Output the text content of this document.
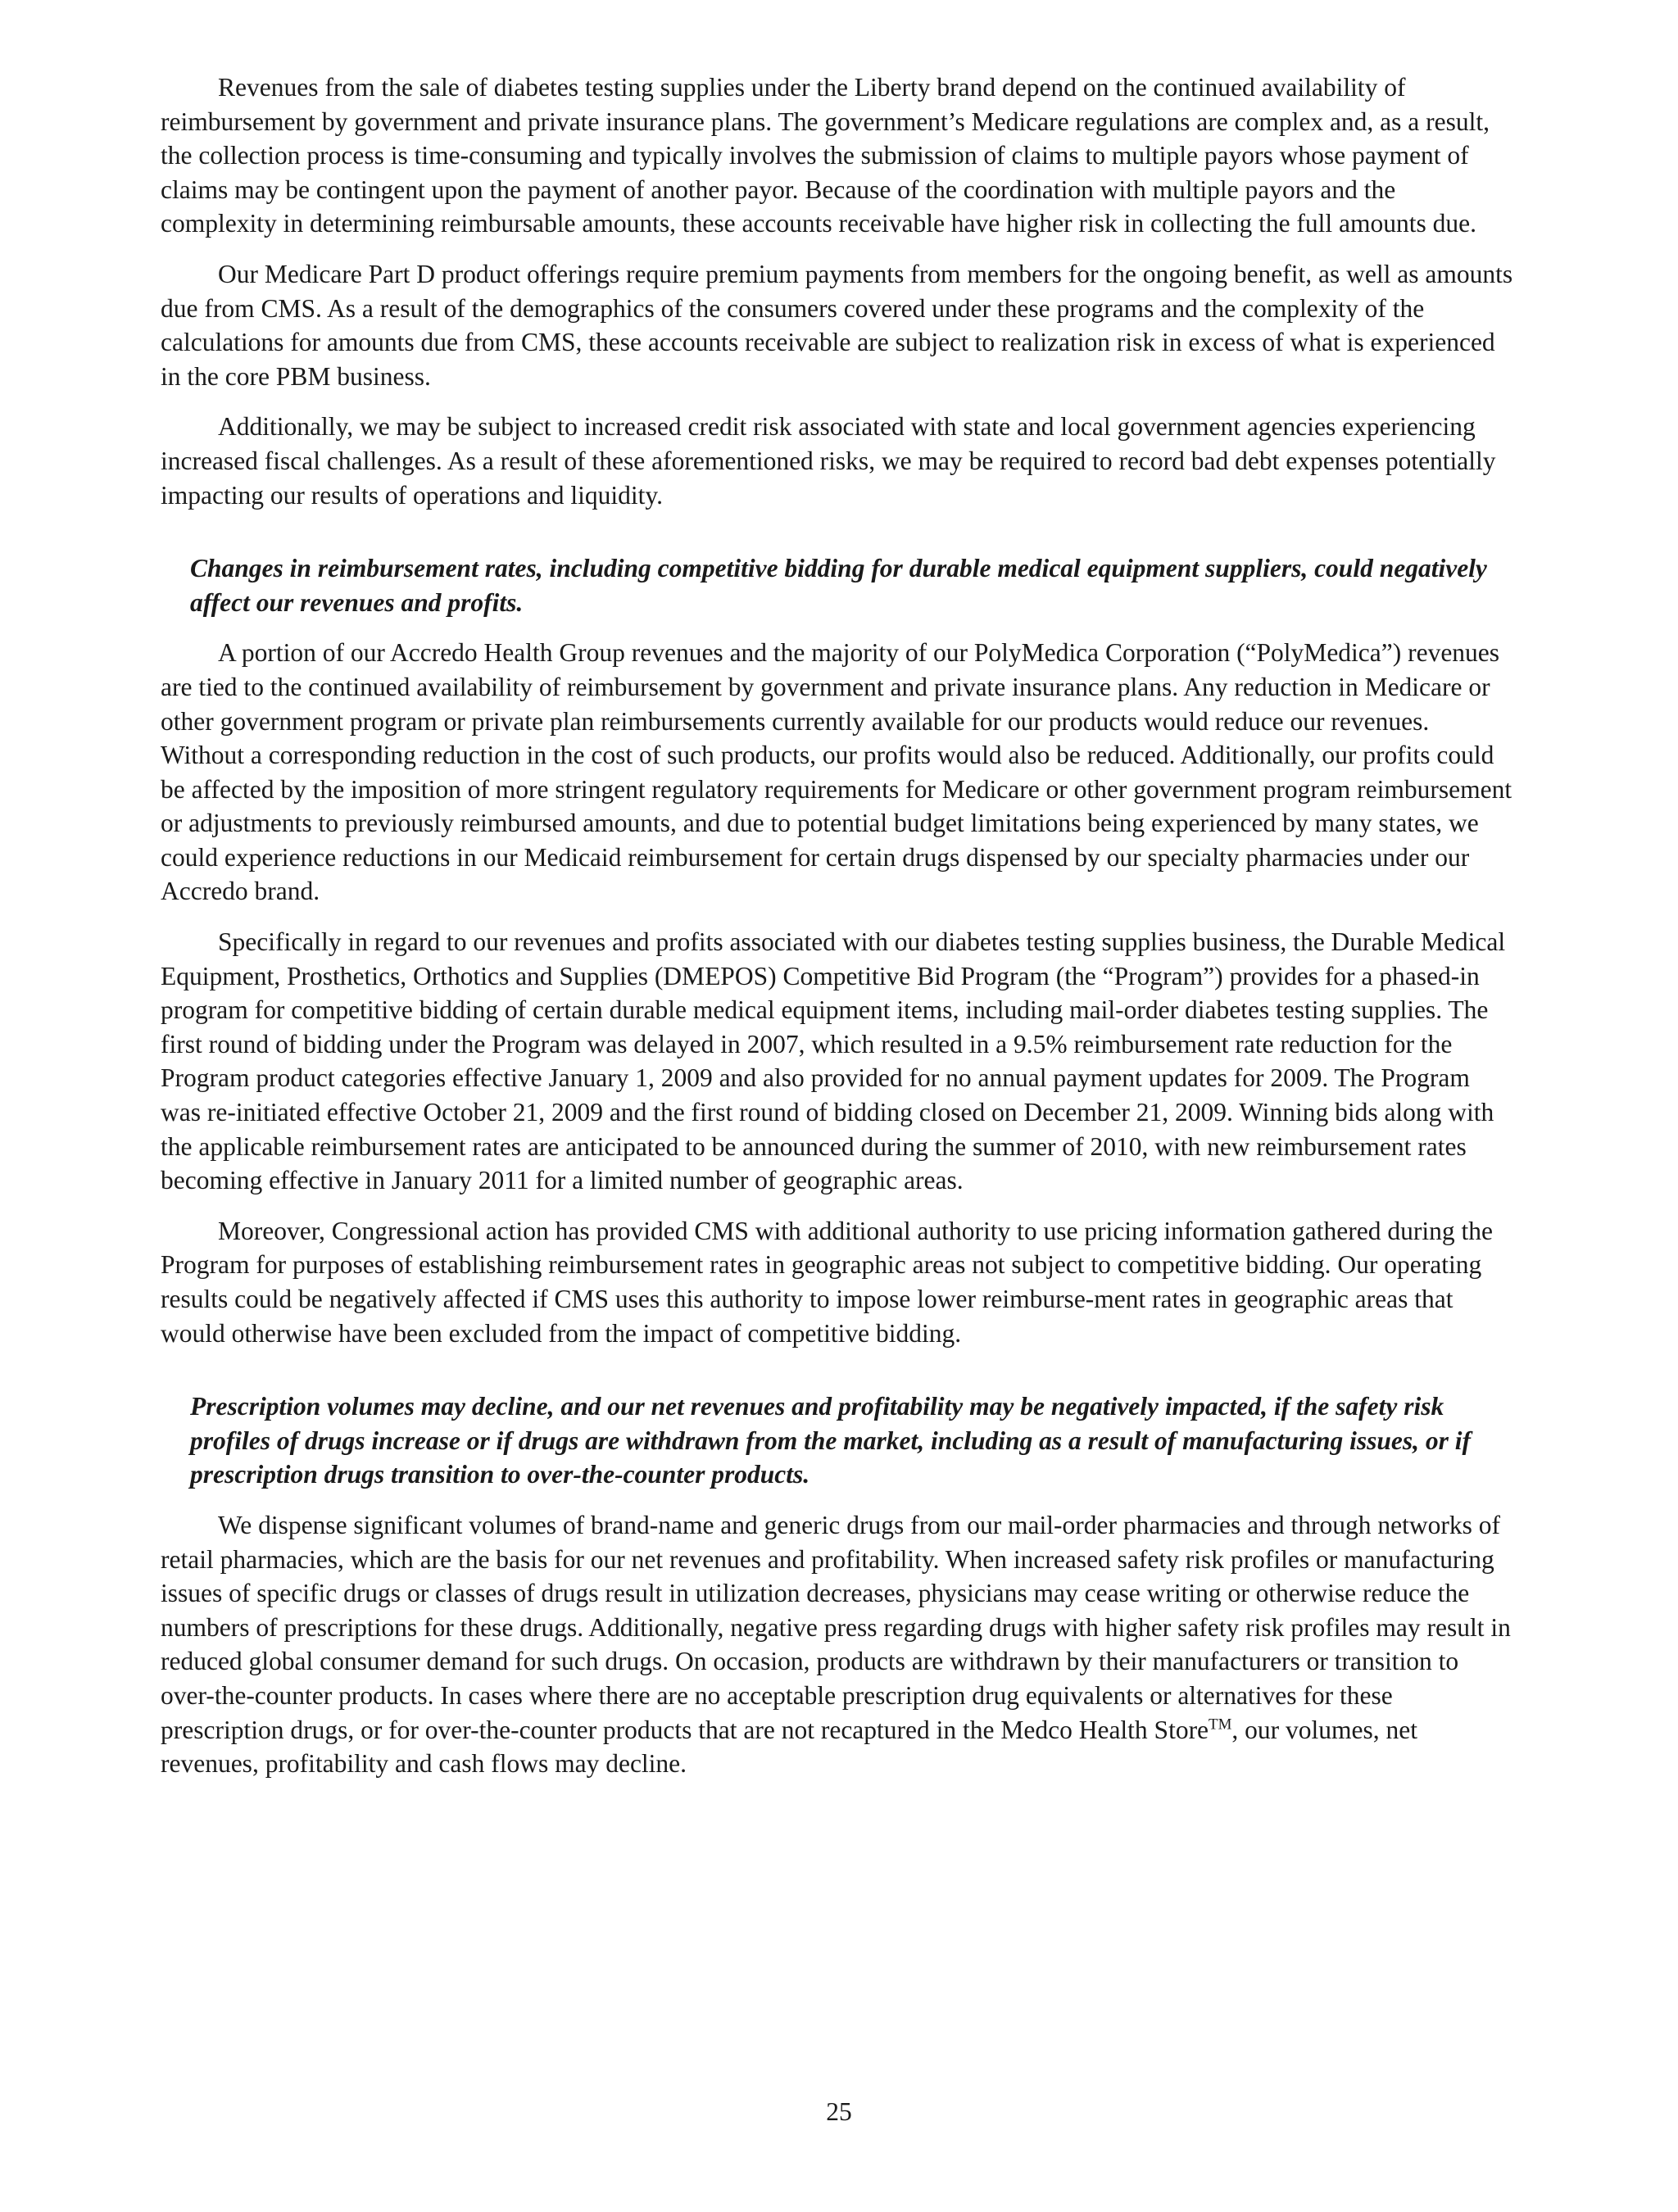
Revenues from the sale of diabetes testing supplies under the Liberty brand depend on the continued availability of reimbursement by government and private insurance plans. The government’s Medicare regulations are complex and, as a result, the collection process is time-consuming and typically involves the submission of claims to multiple payors whose payment of claims may be contingent upon the payment of another payor. Because of the coordination with multiple payors and the complexity in determining reimbursable amounts, these accounts receivable have higher risk in collecting the full amounts due.

Our Medicare Part D product offerings require premium payments from members for the ongoing benefit, as well as amounts due from CMS. As a result of the demographics of the consumers covered under these programs and the complexity of the calculations for amounts due from CMS, these accounts receivable are subject to realization risk in excess of what is experienced in the core PBM business.

Additionally, we may be subject to increased credit risk associated with state and local government agencies experiencing increased fiscal challenges. As a result of these aforementioned risks, we may be required to record bad debt expenses potentially impacting our results of operations and liquidity.

Changes in reimbursement rates, including competitive bidding for durable medical equipment suppliers, could negatively affect our revenues and profits.

A portion of our Accredo Health Group revenues and the majority of our PolyMedica Corporation (“PolyMedica”) revenues are tied to the continued availability of reimbursement by government and private insurance plans. Any reduction in Medicare or other government program or private plan reimbursements currently available for our products would reduce our revenues. Without a corresponding reduction in the cost of such products, our profits would also be reduced. Additionally, our profits could be affected by the imposition of more stringent regulatory requirements for Medicare or other government program reimbursement or adjustments to previously reimbursed amounts, and due to potential budget limitations being experienced by many states, we could experience reductions in our Medicaid reimbursement for certain drugs dispensed by our specialty pharmacies under our Accredo brand.

Specifically in regard to our revenues and profits associated with our diabetes testing supplies business, the Durable Medical Equipment, Prosthetics, Orthotics and Supplies (DMEPOS) Competitive Bid Program (the “Program”) provides for a phased-in program for competitive bidding of certain durable medical equipment items, including mail-order diabetes testing supplies. The first round of bidding under the Program was delayed in 2007, which resulted in a 9.5% reimbursement rate reduction for the Program product categories effective January 1, 2009 and also provided for no annual payment updates for 2009. The Program was re-initiated effective October 21, 2009 and the first round of bidding closed on December 21, 2009. Winning bids along with the applicable reimbursement rates are anticipated to be announced during the summer of 2010, with new reimbursement rates becoming effective in January 2011 for a limited number of geographic areas.

Moreover, Congressional action has provided CMS with additional authority to use pricing information gathered during the Program for purposes of establishing reimbursement rates in geographic areas not subject to competitive bidding. Our operating results could be negatively affected if CMS uses this authority to impose lower reimburse-ment rates in geographic areas that would otherwise have been excluded from the impact of competitive bidding.

Prescription volumes may decline, and our net revenues and profitability may be negatively impacted, if the safety risk profiles of drugs increase or if drugs are withdrawn from the market, including as a result of manufacturing issues, or if prescription drugs transition to over-the-counter products.

We dispense significant volumes of brand-name and generic drugs from our mail-order pharmacies and through networks of retail pharmacies, which are the basis for our net revenues and profitability. When increased safety risk profiles or manufacturing issues of specific drugs or classes of drugs result in utilization decreases, physicians may cease writing or otherwise reduce the numbers of prescriptions for these drugs. Additionally, negative press regarding drugs with higher safety risk profiles may result in reduced global consumer demand for such drugs. On occasion, products are withdrawn by their manufacturers or transition to over-the-counter products. In cases where there are no acceptable prescription drug equivalents or alternatives for these prescription drugs, or for over-the-counter products that are not recaptured in the Medco Health Store™, our volumes, net revenues, profitability and cash flows may decline.

25
